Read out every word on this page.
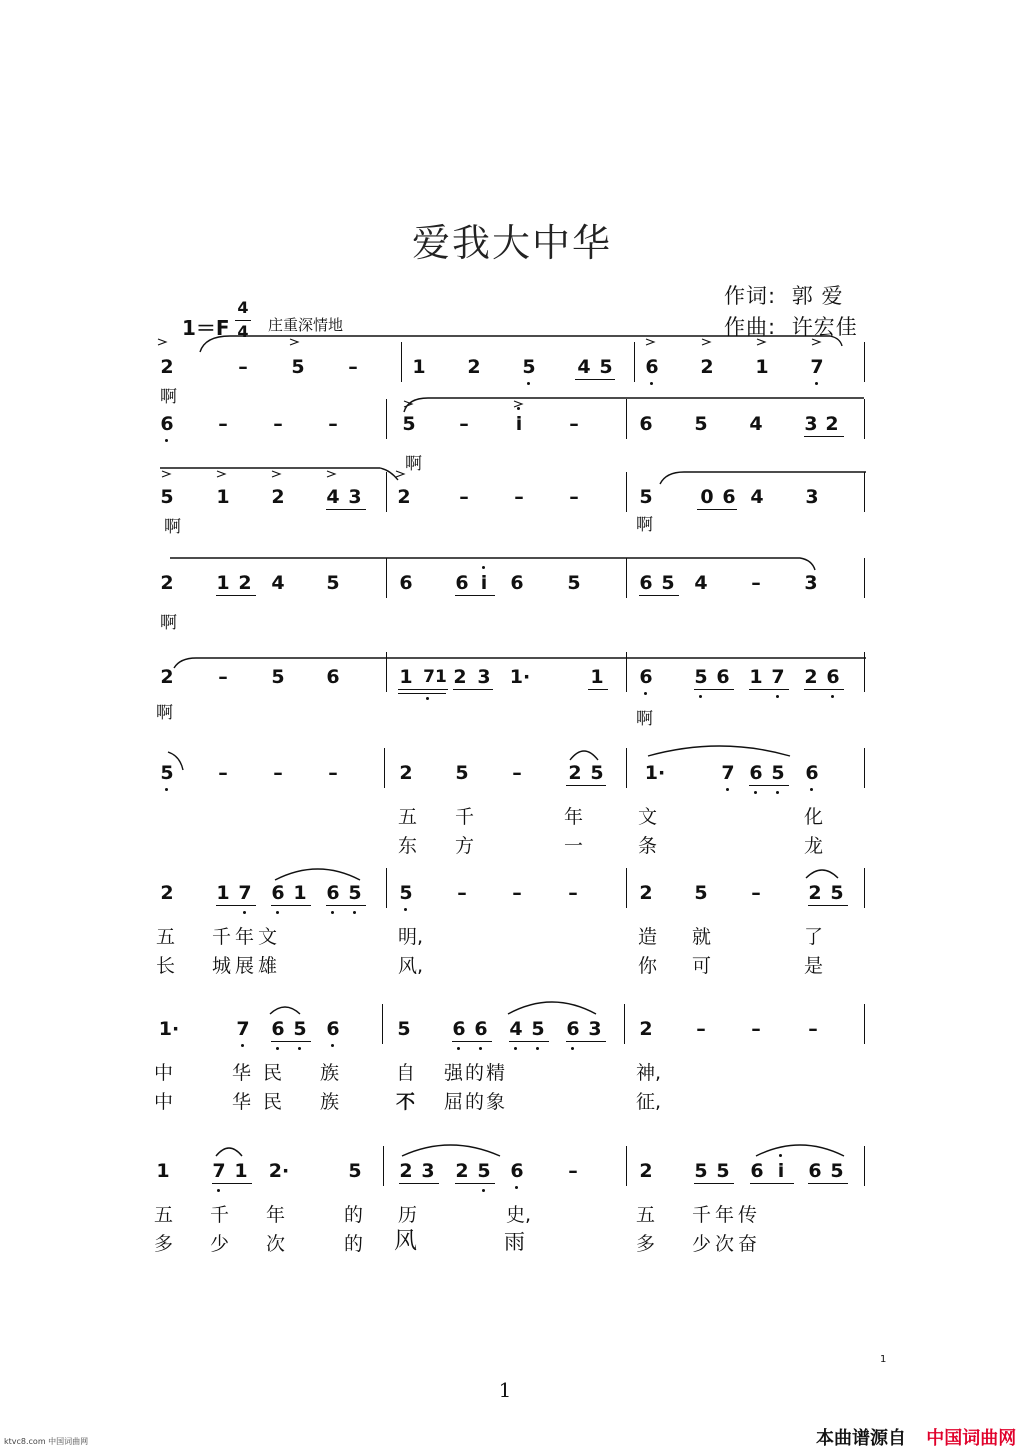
爱我大中华
作词: 郭 爱
作曲: 许宏佳
1＝F
4
4 庄重深情地
2	–	5	–	1	2	5	4 5	6	2	1	7
啊
6	–	–	–	5	–	i	–	6	5	4	3 2
啊
5	1	2	4 3	2	–	–	–	5	0 6 4	3
啊	啊
2	1 2	4	5	6	6 i	6	5	6 5	4	–	3
啊
2	–	5	6	1 71 2 3	1·	1	6	5 6	1 7	2 6
啊	啊
5	–	–	–	2	5	–	2 5	1·	7 6 5	6
五 千	年	文	化
东 方	一	条	龙
2	1 7	6 1	6 5	5	–	–	–	2	5	–	2 5
五 千年文	明,	造 就	了
长 城展雄	风,	你 可	是
1·	7	6 5	6	5	6 6	4 5	6 3	2	–	–	–
中	华民 族	自 强的精	神,
中	华民 族	不 屈的象	征,
1	7 1	2·	5	2 3	2 5	6	–	2	5 5	6 i	6 5
五 千 年	的 历	史,	五 千年传
多 少 次	的 风	雨	多 少次奋
1
1
ktvc8.com 中国词曲网	本曲谱源自 中国词曲网
